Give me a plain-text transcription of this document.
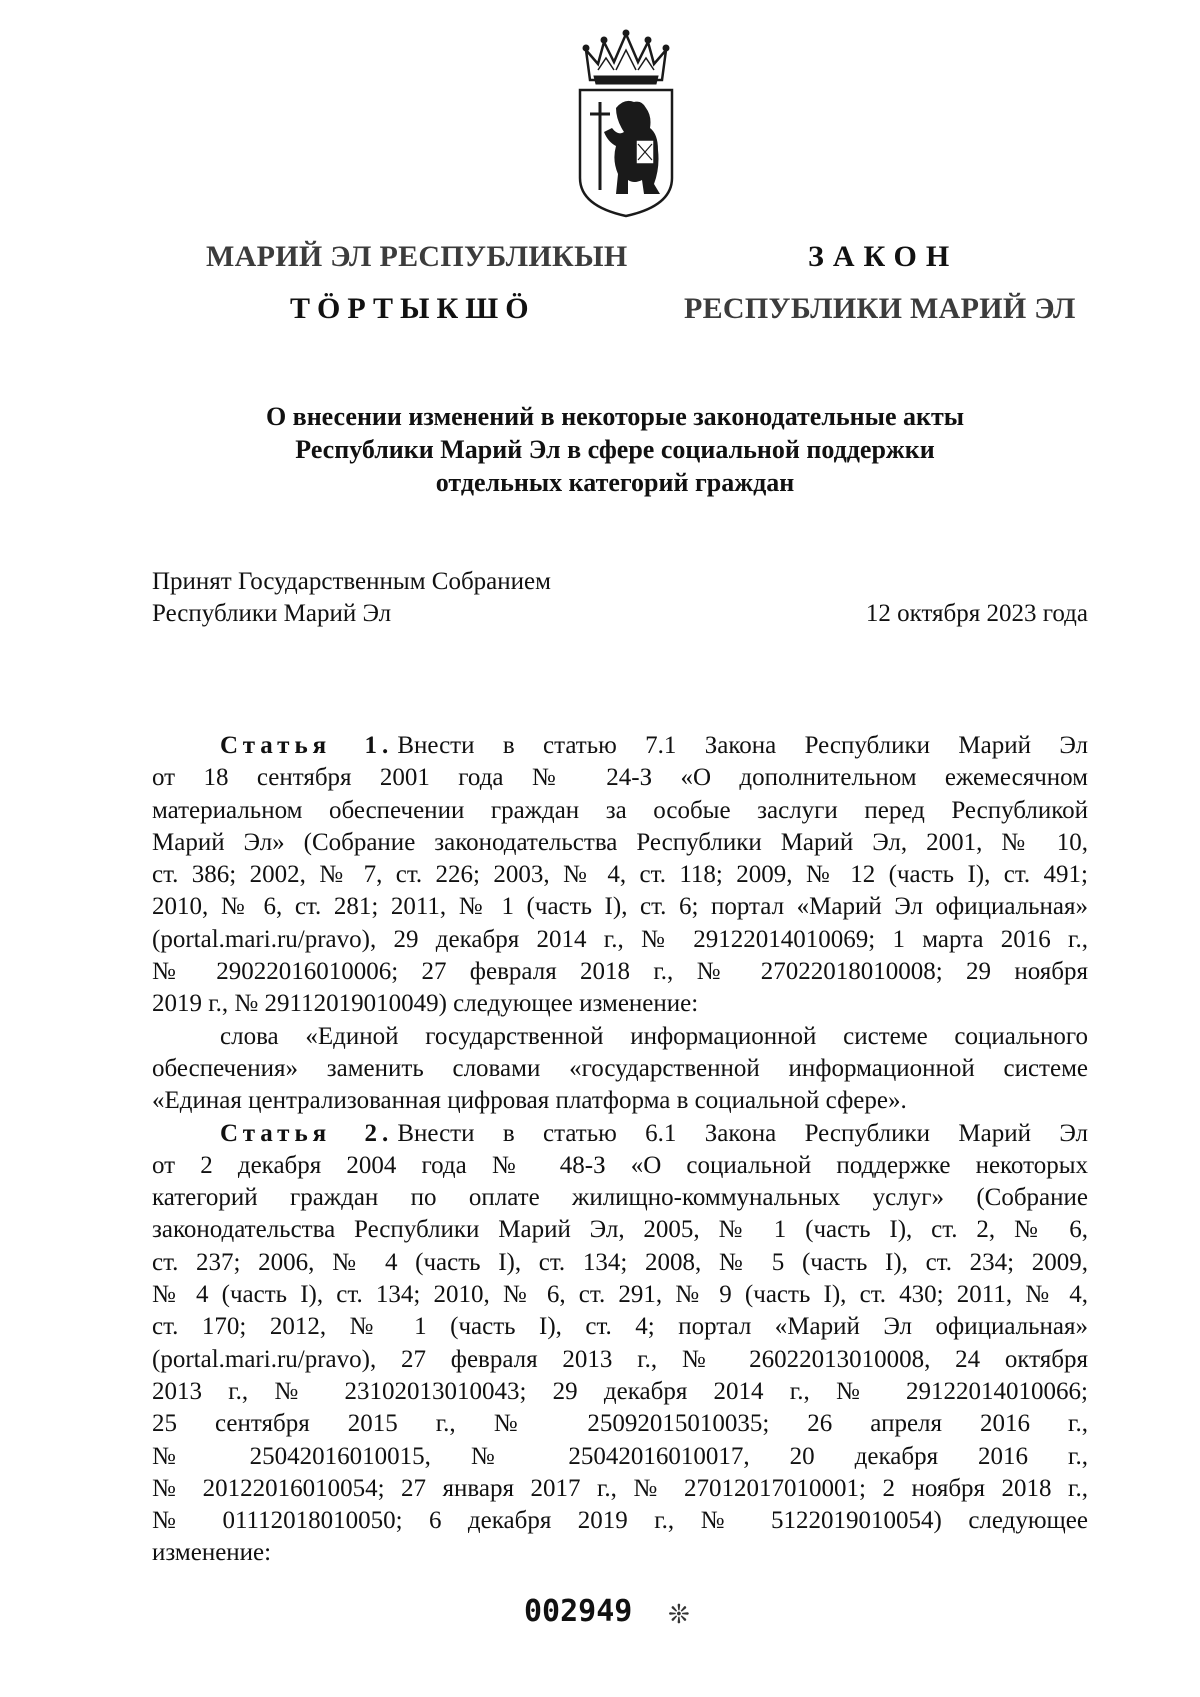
МАРИЙ ЭЛ РЕСПУБЛИКЫН
ТӦРТЫКШӦ
ЗАКОН
РЕСПУБЛИКИ МАРИЙ ЭЛ
О внесении изменений в некоторые законодательные акты
Республики Марий Эл в сфере социальной поддержки
отдельных категорий граждан
Принят Государственным Собранием
Республики Марий Эл	12 октября 2023 года
Статья 1. Внести в статью 7.1 Закона Республики Марий Эл
от 18 сентября 2001 года № 24-З «О дополнительном ежемесячном
материальном обеспечении граждан за особые заслуги перед Республикой
Марий Эл» (Собрание законодательства Республики Марий Эл, 2001, № 10,
ст. 386; 2002, № 7, ст. 226; 2003, № 4, ст. 118; 2009, № 12 (часть I), ст. 491;
2010, № 6, ст. 281; 2011, № 1 (часть I), ст. 6; портал «Марий Эл официальная»
(portal.mari.ru/pravo), 29 декабря 2014 г., № 29122014010069; 1 марта 2016 г.,
№ 29022016010006; 27 февраля 2018 г., № 27022018010008; 29 ноября
2019 г., № 29112019010049) следующее изменение:
слова «Единой государственной информационной системе социального
обеспечения» заменить словами «государственной информационной системе
«Единая централизованная цифровая платформа в социальной сфере».
Статья 2. Внести в статью 6.1 Закона Республики Марий Эл
от 2 декабря 2004 года № 48-З «О социальной поддержке некоторых
категорий граждан по оплате жилищно-коммунальных услуг» (Собрание
законодательства Республики Марий Эл, 2005, № 1 (часть I), ст. 2, № 6,
ст. 237; 2006, № 4 (часть I), ст. 134; 2008, № 5 (часть I), ст. 234; 2009,
№ 4 (часть I), ст. 134; 2010, № 6, ст. 291, № 9 (часть I), ст. 430; 2011, № 4,
ст. 170; 2012, № 1 (часть I), ст. 4; портал «Марий Эл официальная»
(portal.mari.ru/pravo), 27 февраля 2013 г., № 26022013010008, 24 октября
2013 г., № 23102013010043; 29 декабря 2014 г., № 29122014010066;
25 сентября 2015 г., № 25092015010035; 26 апреля 2016 г.,
№ 25042016010015, № 25042016010017, 20 декабря 2016 г.,
№ 20122016010054; 27 января 2017 г., № 27012017010001; 2 ноября 2018 г.,
№ 01112018010050; 6 декабря 2019 г., № 5122019010054) следующее
изменение:
002949 ❊
